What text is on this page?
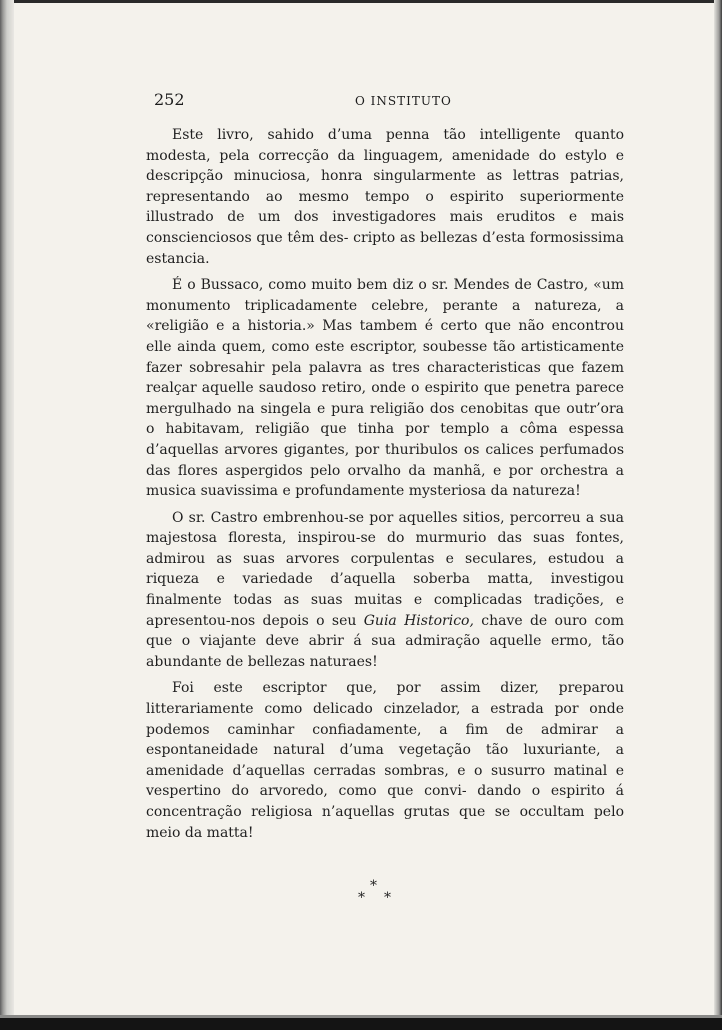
252	O INSTITUTO

Este livro, sahido d’uma penna tão intelligente quanto modesta, pela correcção da linguagem, amenidade do estylo e descripção minuciosa, honra singularmente as lettras patrias, representando ao mesmo tempo o espirito superiormente illustrado de um dos investigadores mais eruditos e mais conscienciosos que têm des- cripto as bellezas d’esta formosissima estancia.

É o Bussaco, como muito bem diz o sr. Mendes de Castro, «um monumento triplicadamente celebre, perante a natureza, a «religião e a historia.» Mas tambem é certo que não encontrou elle ainda quem, como este escriptor, soubesse tão artisticamente fazer sobresahir pela palavra as tres characteristicas que fazem realçar aquelle saudoso retiro, onde o espirito que penetra parece mergulhado na singela e pura religião dos cenobitas que outr’ora o habitavam, religião que tinha por templo a côma espessa d’aquellas arvores gigantes, por thuribulos os calices perfumados das flores aspergidos pelo orvalho da manhã, e por orchestra a musica suavissima e profundamente mysteriosa da natureza!

O sr. Castro embrenhou-se por aquelles sitios, percorreu a sua majestosa floresta, inspirou-se do murmurio das suas fontes, admirou as suas arvores corpulentas e seculares, estudou a riqueza e variedade d’aquella soberba matta, investigou finalmente todas as suas muitas e complicadas tradições, e apresentou-nos depois o seu Guia Historico, chave de ouro com que o viajante deve abrir á sua admiração aquelle ermo, tão abundante de bellezas naturaes!

Foi este escriptor que, por assim dizer, preparou litterariamente como delicado cinzelador, a estrada por onde podemos caminhar confiadamente, a fim de admirar a espontaneidade natural d’uma vegetação tão luxuriante, a amenidade d’aquellas cerradas sombras, e o susurro matinal e vespertino do arvoredo, como que convi- dando o espirito á concentração religiosa n’aquellas grutas que se occultam pelo meio da matta!

*
* *
